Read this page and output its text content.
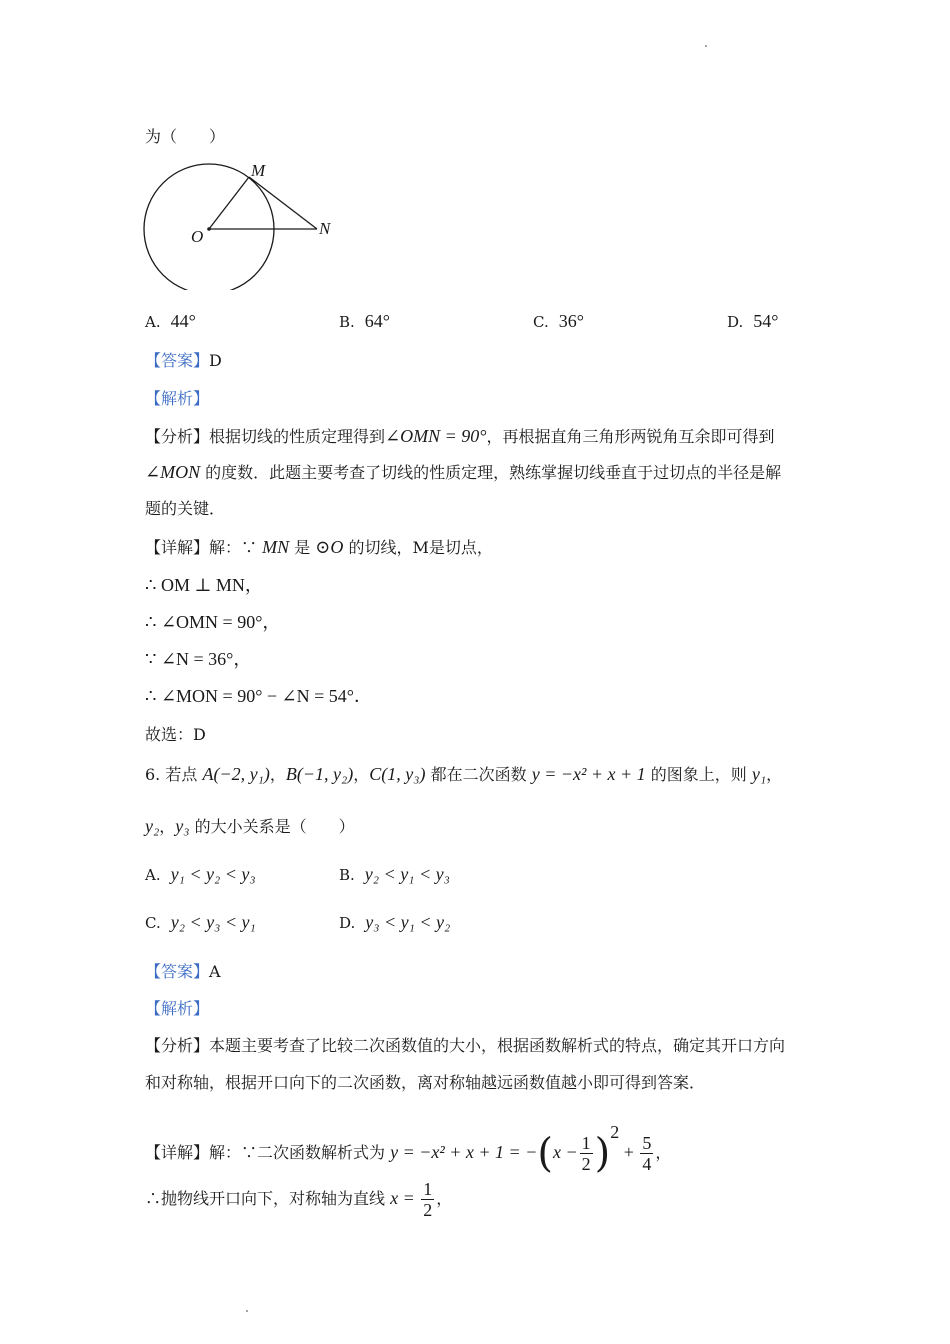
为（　　）
M
O	N
A. 44°	B. 64°	C. 36°	D. 54°
【答案】D
【解析】
【分析】根据切线的性质定理得到∠OMN = 90°，再根据直角三角形两锐角互余即可得到
∠MON 的度数．此题主要考查了切线的性质定理，熟练掌握切线垂直于过切点的半径是解
题的关键．
【详解】解：∵ MN 是 ⊙O 的切线，M是切点，
∴ OM ⊥ MN，
∴ ∠OMN = 90°，
∵ ∠N = 36°，
∴ ∠MON = 90° − ∠N = 54°．
故选：D
6. 若点 A(−2, y₁)，B(−1, y₂)，C(1, y₃) 都在二次函数 y = −x² + x + 1 的图象上，则 y₁，
y₂，y₃ 的大小关系是（　　）
A. y₁ < y₂ < y₃	B. y₂ < y₁ < y₃
C. y₂ < y₃ < y₁	D. y₃ < y₁ < y₂
【答案】A
【解析】
【分析】本题主要考查了比较二次函数值的大小，根据函数解析式的特点，确定其开口方向
和对称轴，根据开口向下的二次函数，离对称轴越远函数值越小即可得到答案．
【详解】解：∵二次函数解析式为 $y = -x^2 + x + 1 = -(x - \frac{1}{2} )^2 + \frac{5}{4}$ ，
∴抛物线开口向下，对称轴为直线 $x = \frac{1}{2}$ ，
